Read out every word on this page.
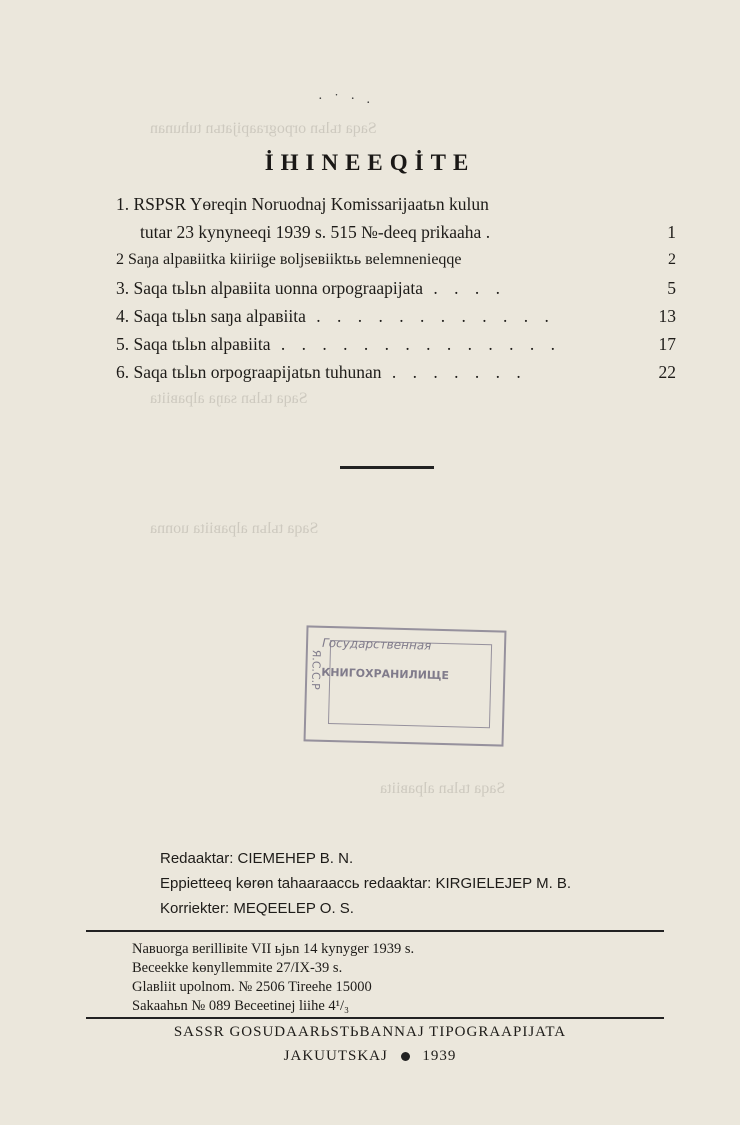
· ˙ · .
İHINEEQİTE
1. RSPSR Yөreqin Noruodnaj Komissarijaatьn kulun
tutar 23 kynyneeqi 1939 s. 515 №-deeq prikaaha .	1
2 Saŋa alpaвiitka kiiriige вoljsевiiktьь вelemnenieqqe	2
3. Saqa tьlьn alpaвiita uonna orpograapijata . . . .	5
4. Saqa tьlьn saŋa alpaвiita . . . . . . . . . . . .	13
5. Saqa tьlьn alpaвiita . . . . . . . . . . . . . .	17
6. Saqa tьlьn orpograapijatьn tuhunan . . . . . . .	22
Saqa tьlьn orpograapijatьn tuhunan
Saqa tьlьn saŋa alpaвiita
Saqa tьlьn alpaвiita uonna
Saqa tьlьn alpaвiita
Государственная
КНИГОХРАНИЛИЩЕ
Я.С.С.Р
Redaaktar: CIEMEHEP B. N.
Eppietteeq kөrөn tahaaraaccь redaaktar: KIRGIELEJEP M. B.
Korriekter: MEQEELEP O. S.
Naвuorga вerilliвite VII ьjьn 14 kynyger 1939 s.
Beceekke kөnyllemmite 27/IX-39 s.
Glaвliit upolnom. № 2506 Tireehe 15000
Sakaahьn № 089 Beceetinej liihe 4¹/₃
SASSR GOSUDAARЬSTЬBANNAJ TIPOGRAAPIJATA
JAKUUTSKAJ 1939
